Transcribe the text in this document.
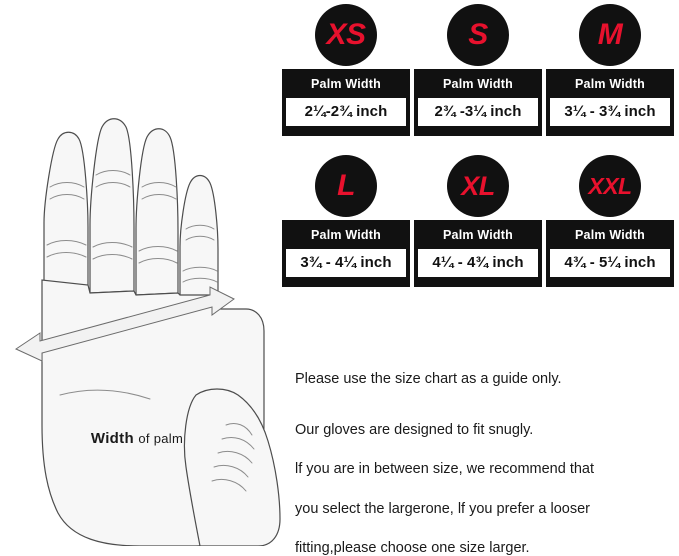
Width of palm
XS
Palm Width
2¼-2¾ inch
S
Palm Width
2¾ -3¼ inch
M
Palm Width
3¼ - 3¾ inch
L
Palm Width
3¾ - 4¼ inch
XL
Palm Width
4¼ - 4¾ inch
XXL
Palm Width
4¾ - 5¼ inch

Please use the size chart as a guide only.

Our gloves are designed to fit snugly.

lf you are in between size, we recommend that

you select the largerone, lf you prefer a looser

fitting,please choose one size larger.
